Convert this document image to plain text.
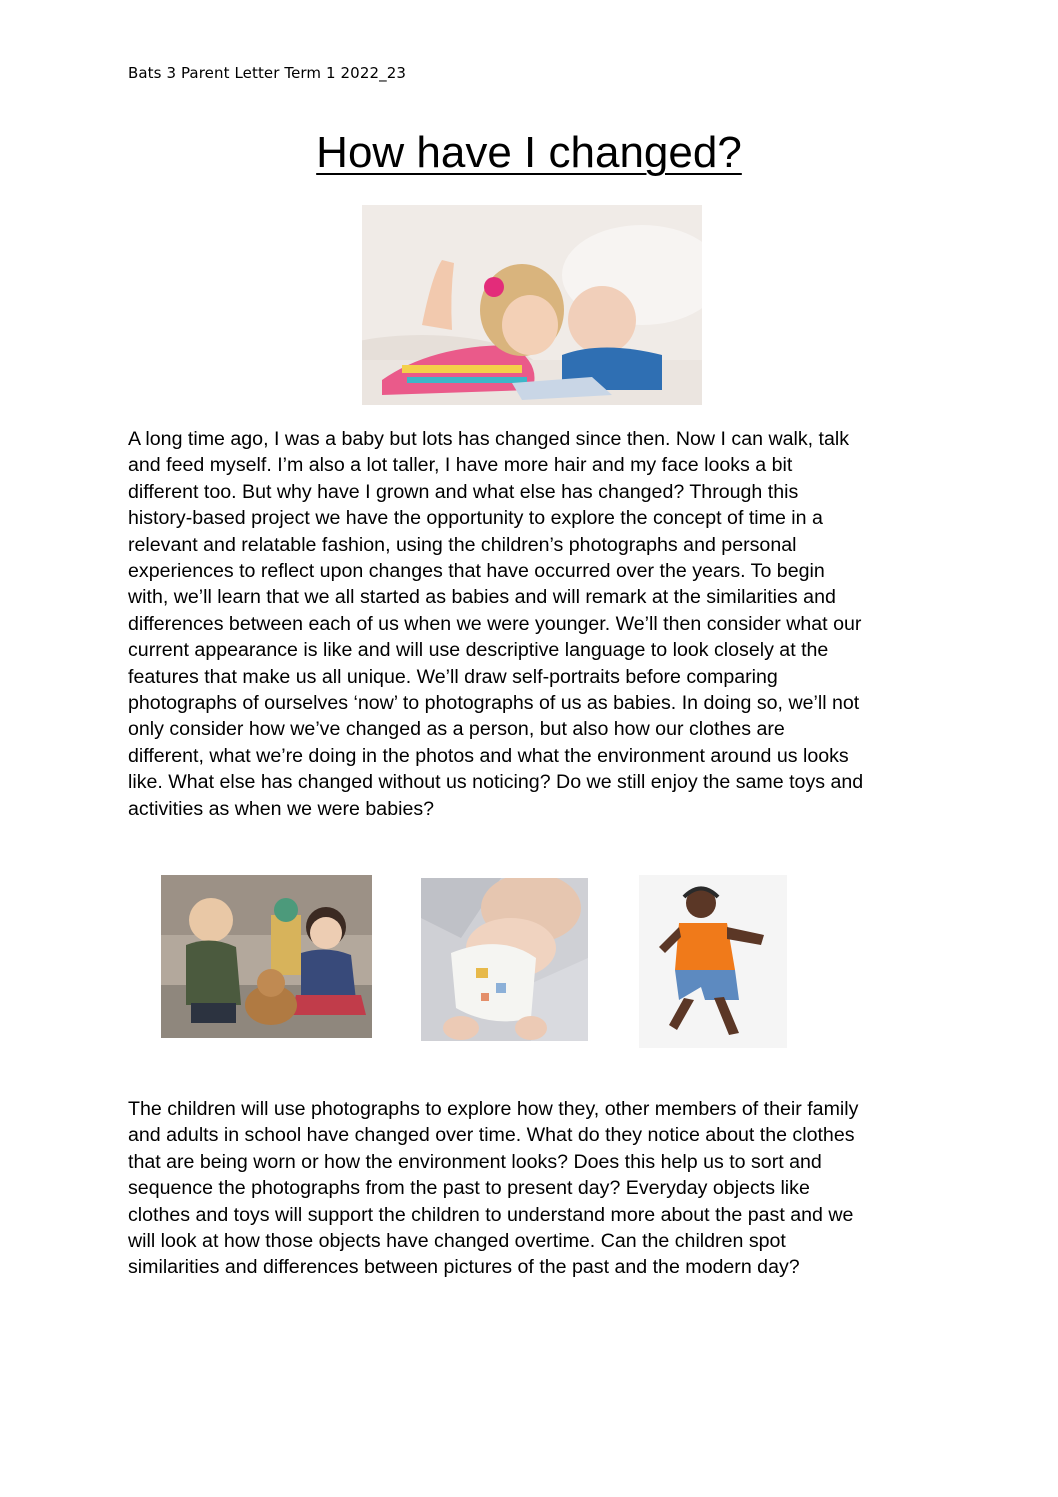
Bats 3 Parent Letter Term 1 2022_23
How have I changed?

A long time ago, I was a baby but lots has changed since then. Now I can walk, talk
and feed myself. I’m also a lot taller, I have more hair and my face looks a bit
different too. But why have I grown and what else has changed? Through this
history-based project we have the opportunity to explore the concept of time in a
relevant and relatable fashion, using the children’s photographs and personal
experiences to reflect upon changes that have occurred over the years. To begin
with, we’ll learn that we all started as babies and will remark at the similarities and
differences between each of us when we were younger. We’ll then consider what our
current appearance is like and will use descriptive language to look closely at the
features that make us all unique. We’ll draw self-portraits before comparing
photographs of ourselves ‘now’ to photographs of us as babies. In doing so, we’ll not
only consider how we’ve changed as a person, but also how our clothes are
different, what we’re doing in the photos and what the environment around us looks
like. What else has changed without us noticing? Do we still enjoy the same toys and
activities as when we were babies?

The children will use photographs to explore how they, other members of their family
and adults in school have changed over time. What do they notice about the clothes
that are being worn or how the environment looks? Does this help us to sort and
sequence the photographs from the past to present day? Everyday objects like
clothes and toys will support the children to understand more about the past and we
will look at how those objects have changed overtime. Can the children spot
similarities and differences between pictures of the past and the modern day?
